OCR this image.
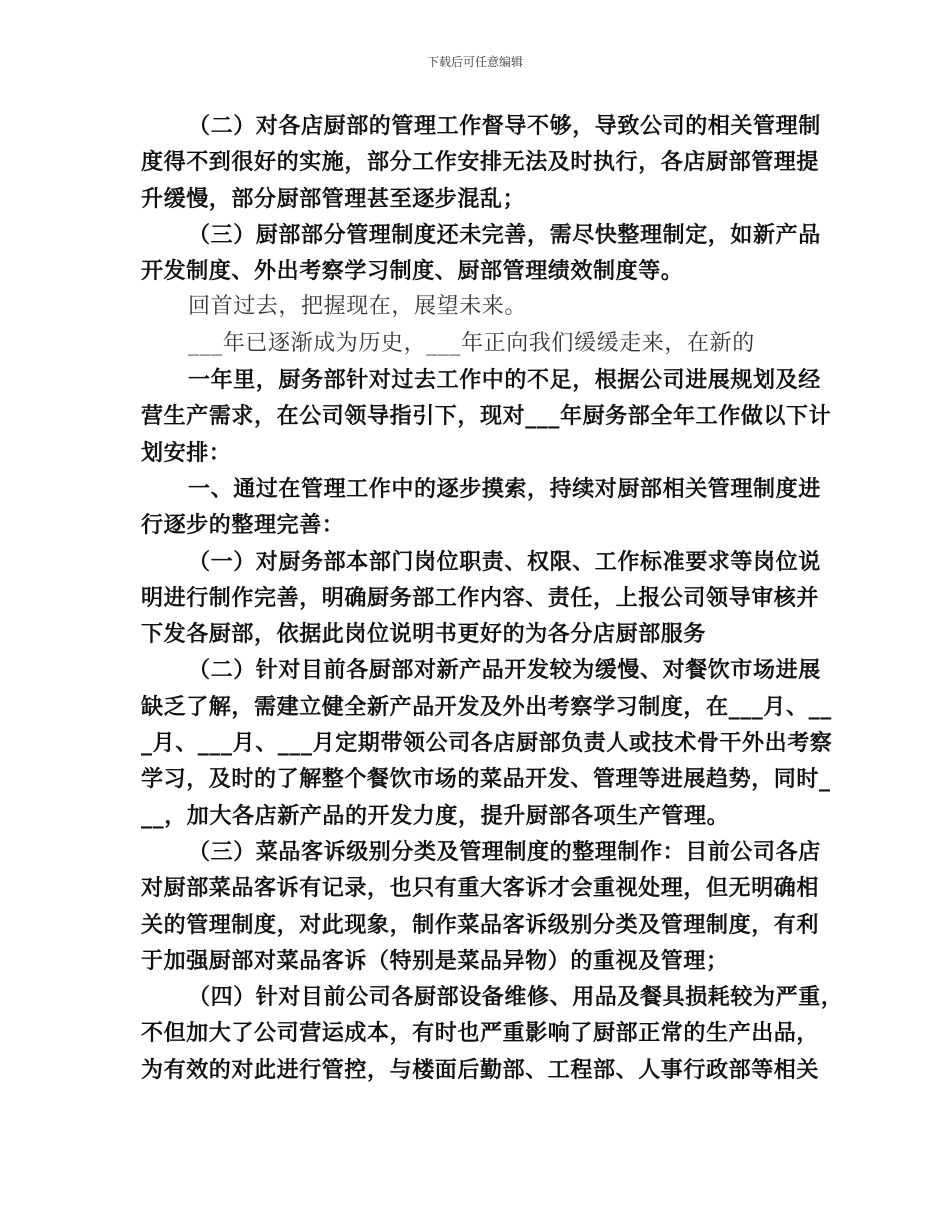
下载后可任意编辑
（二）对各店厨部的管理工作督导不够，导致公司的相关管理制
度得不到很好的实施，部分工作安排无法及时执行，各店厨部管理提
升缓慢，部分厨部管理甚至逐步混乱；
（三）厨部部分管理制度还未完善，需尽快整理制定，如新产品
开发制度、外出考察学习制度、厨部管理绩效制度等。
回首过去，把握现在，展望未来。
___年已逐渐成为历史，___年正向我们缓缓走来，在新的
一年里，厨务部针对过去工作中的不足，根据公司进展规划及经
营生产需求，在公司领导指引下，现对___年厨务部全年工作做以下计
划安排：
一、通过在管理工作中的逐步摸索，持续对厨部相关管理制度进
行逐步的整理完善：
（一）对厨务部本部门岗位职责、权限、工作标准要求等岗位说
明进行制作完善，明确厨务部工作内容、责任，上报公司领导审核并
下发各厨部，依据此岗位说明书更好的为各分店厨部服务
（二）针对目前各厨部对新产品开发较为缓慢、对餐饮市场进展
缺乏了解，需建立健全新产品开发及外出考察学习制度，在___月、__
_月、___月、___月定期带领公司各店厨部负责人或技术骨干外出考察
学习，及时的了解整个餐饮市场的菜品开发、管理等进展趋势，同时_
__，加大各店新产品的开发力度，提升厨部各项生产管理。
（三）菜品客诉级别分类及管理制度的整理制作：目前公司各店
对厨部菜品客诉有记录，也只有重大客诉才会重视处理，但无明确相
关的管理制度，对此现象，制作菜品客诉级别分类及管理制度，有利
于加强厨部对菜品客诉（特别是菜品异物）的重视及管理；
（四）针对目前公司各厨部设备维修、用品及餐具损耗较为严重，
不但加大了公司营运成本，有时也严重影响了厨部正常的生产出品，
为有效的对此进行管控，与楼面后勤部、工程部、人事行政部等相关
